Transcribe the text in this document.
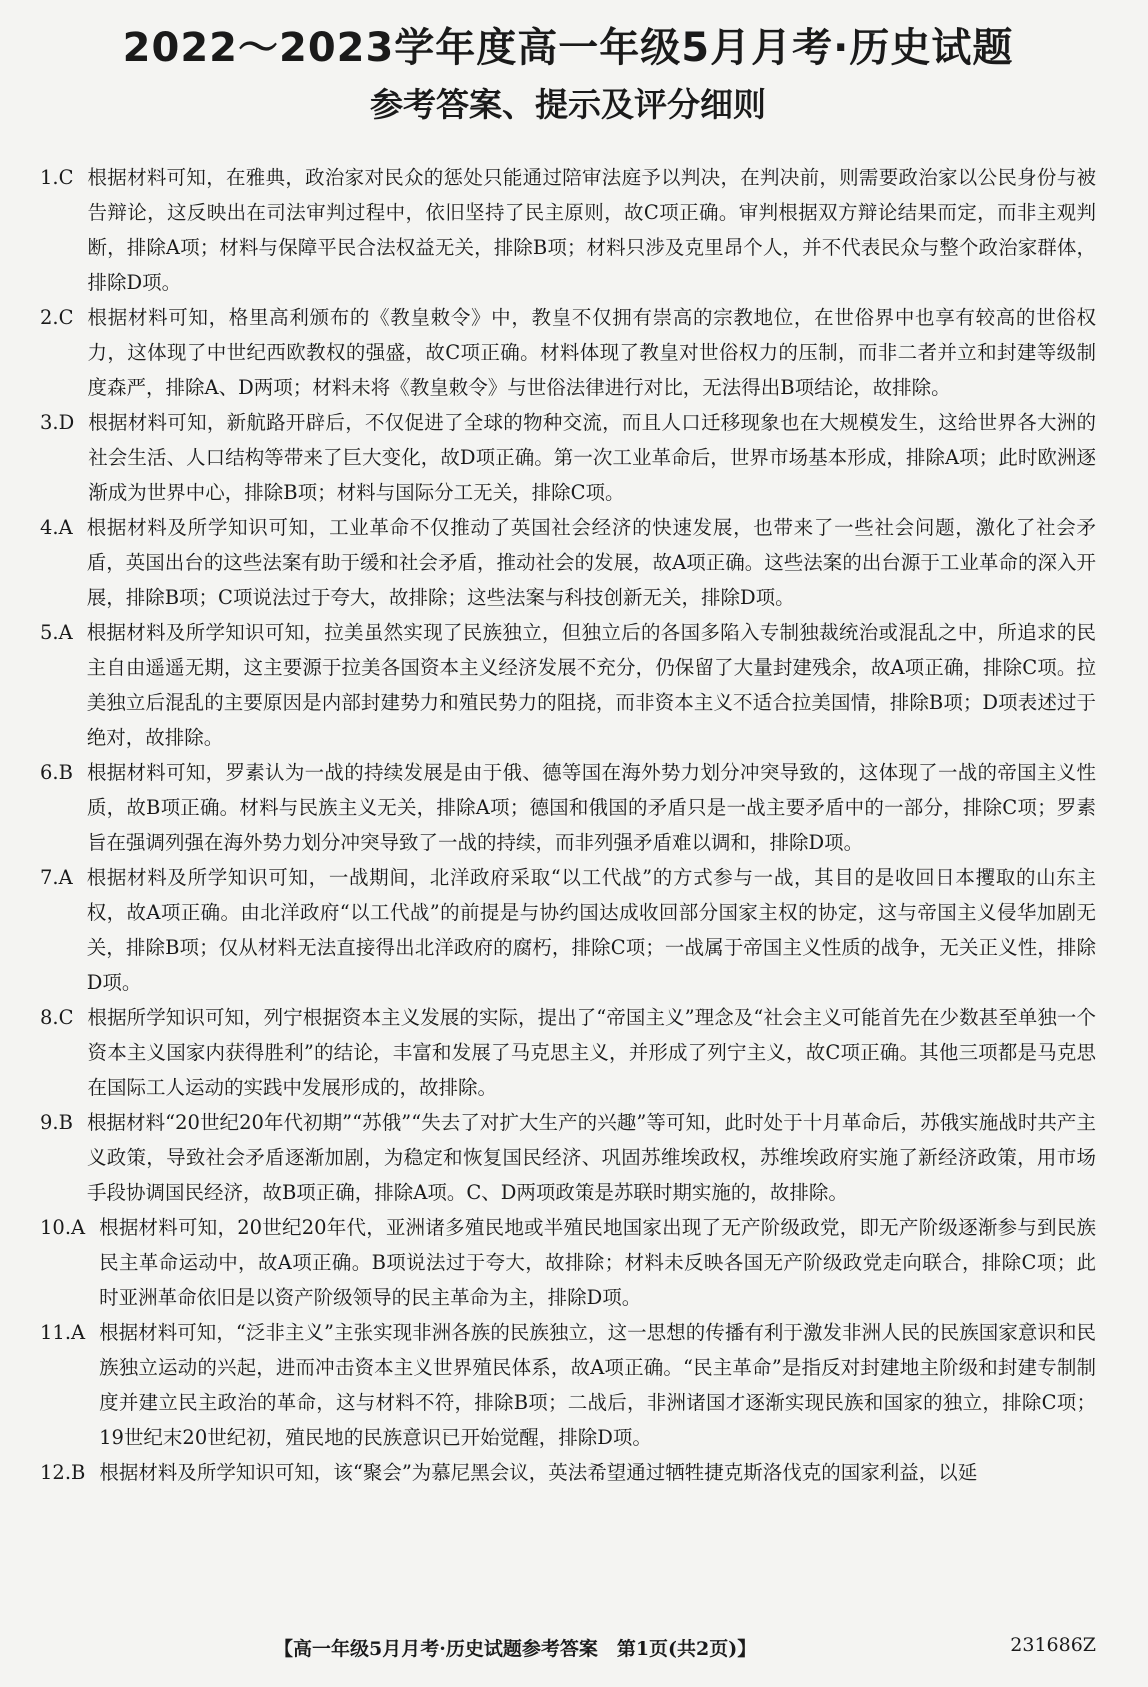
2022～2023学年度高一年级5月月考·历史试题
参考答案、提示及评分细则
1.C 根据材料可知，在雅典，政治家对民众的惩处只能通过陪审法庭予以判决，在判决前，则需要政治家以公民身份与被告辩论，这反映出在司法审判过程中，依旧坚持了民主原则，故C项正确。审判根据双方辩论结果而定，而非主观判断，排除A项；材料与保障平民合法权益无关，排除B项；材料只涉及克里昂个人，并不代表民众与整个政治家群体，排除D项。
2.C 根据材料可知，格里高利颁布的《教皇敕令》中，教皇不仅拥有崇高的宗教地位，在世俗界中也享有较高的世俗权力，这体现了中世纪西欧教权的强盛，故C项正确。材料体现了教皇对世俗权力的压制，而非二者并立和封建等级制度森严，排除A、D两项；材料未将《教皇敕令》与世俗法律进行对比，无法得出B项结论，故排除。
3.D 根据材料可知，新航路开辟后，不仅促进了全球的物种交流，而且人口迁移现象也在大规模发生，这给世界各大洲的社会生活、人口结构等带来了巨大变化，故D项正确。第一次工业革命后，世界市场基本形成，排除A项；此时欧洲逐渐成为世界中心，排除B项；材料与国际分工无关，排除C项。
4.A 根据材料及所学知识可知，工业革命不仅推动了英国社会经济的快速发展，也带来了一些社会问题，激化了社会矛盾，英国出台的这些法案有助于缓和社会矛盾，推动社会的发展，故A项正确。这些法案的出台源于工业革命的深入开展，排除B项；C项说法过于夸大，故排除；这些法案与科技创新无关，排除D项。
5.A 根据材料及所学知识可知，拉美虽然实现了民族独立，但独立后的各国多陷入专制独裁统治或混乱之中，所追求的民主自由遥遥无期，这主要源于拉美各国资本主义经济发展不充分，仍保留了大量封建残余，故A项正确，排除C项。拉美独立后混乱的主要原因是内部封建势力和殖民势力的阻挠，而非资本主义不适合拉美国情，排除B项；D项表述过于绝对，故排除。
6.B 根据材料可知，罗素认为一战的持续发展是由于俄、德等国在海外势力划分冲突导致的，这体现了一战的帝国主义性质，故B项正确。材料与民族主义无关，排除A项；德国和俄国的矛盾只是一战主要矛盾中的一部分，排除C项；罗素旨在强调列强在海外势力划分冲突导致了一战的持续，而非列强矛盾难以调和，排除D项。
7.A 根据材料及所学知识可知，一战期间，北洋政府采取“以工代战”的方式参与一战，其目的是收回日本攫取的山东主权，故A项正确。由北洋政府“以工代战”的前提是与协约国达成收回部分国家主权的协定，这与帝国主义侵华加剧无关，排除B项；仅从材料无法直接得出北洋政府的腐朽，排除C项；一战属于帝国主义性质的战争，无关正义性，排除D项。
8.C 根据所学知识可知，列宁根据资本主义发展的实际，提出了“帝国主义”理念及“社会主义可能首先在少数甚至单独一个资本主义国家内获得胜利”的结论，丰富和发展了马克思主义，并形成了列宁主义，故C项正确。其他三项都是马克思在国际工人运动的实践中发展形成的，故排除。
9.B 根据材料“20世纪20年代初期”“苏俄”“失去了对扩大生产的兴趣”等可知，此时处于十月革命后，苏俄实施战时共产主义政策，导致社会矛盾逐渐加剧，为稳定和恢复国民经济、巩固苏维埃政权，苏维埃政府实施了新经济政策，用市场手段协调国民经济，故B项正确，排除A项。C、D两项政策是苏联时期实施的，故排除。
10.A 根据材料可知，20世纪20年代，亚洲诸多殖民地或半殖民地国家出现了无产阶级政党，即无产阶级逐渐参与到民族民主革命运动中，故A项正确。B项说法过于夸大，故排除；材料未反映各国无产阶级政党走向联合，排除C项；此时亚洲革命依旧是以资产阶级领导的民主革命为主，排除D项。
11.A 根据材料可知，“泛非主义”主张实现非洲各族的民族独立，这一思想的传播有利于激发非洲人民的民族国家意识和民族独立运动的兴起，进而冲击资本主义世界殖民体系，故A项正确。“民主革命”是指反对封建地主阶级和封建专制制度并建立民主政治的革命，这与材料不符，排除B项；二战后，非洲诸国才逐渐实现民族和国家的独立，排除C项；19世纪末20世纪初，殖民地的民族意识已开始觉醒，排除D项。
12.B 根据材料及所学知识可知，该“聚会”为慕尼黑会议，英法希望通过牺牲捷克斯洛伐克的国家利益，以延
【高一年级5月月考·历史试题参考答案　第1页(共2页)】	231686Z
